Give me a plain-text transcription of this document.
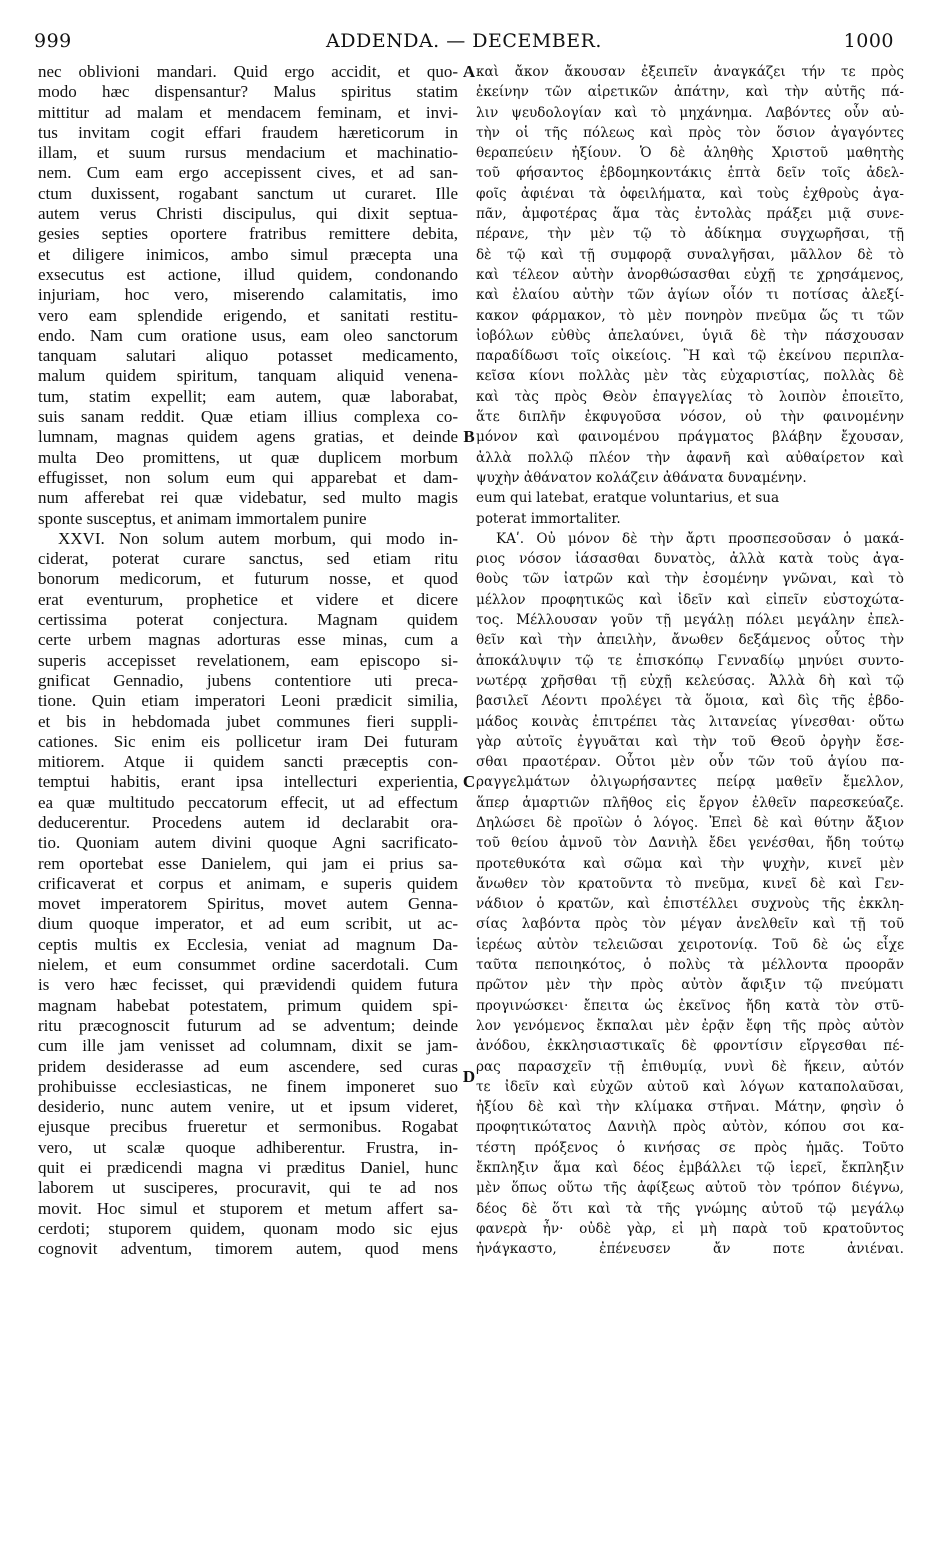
999	ADDENDA. — DECEMBER.	1000
nec oblivioni mandari. Quid ergo accidit, et quo-
modo hæc dispensantur? Malus spiritus statim
mittitur ad malam et mendacem feminam, et invi-
tus invitam cogit effari fraudem hæreticorum in
illam, et suum rursus mendacium et machinatio-
nem. Cum eam ergo accepissent cives, et ad san-
ctum duxissent, rogabant sanctum ut curaret. Ille
autem verus Christi discipulus, qui dixit septua-
gesies septies oportere fratribus remittere debita,
et diligere inimicos, ambo simul præcepta una
exsecutus est actione, illud quidem, condonando
injuriam, hoc vero, miserendo calamitatis, imo
vero eam splendide erigendo, et sanitati restitu-
endo. Nam cum oratione usus, eam oleo sanctorum
tanquam salutari aliquo potasset medicamento,
malum quidem spiritum, tanquam aliquid venena-
tum, statim expellit; eam autem, quæ laborabat,
suis sanam reddit. Quæ etiam illius complexa co-
lumnam, magnas quidem agens gratias, et deinde
multa Deo promittens, ut quæ duplicem morbum
effugisset, non solum eum qui apparebat et dam-
num afferebat rei quæ videbatur, sed multo magis
sponte susceptus, et animam immortalem punire
XXVI. Non solum autem morbum, qui modo in-
ciderat, poterat curare sanctus, sed etiam ritu
bonorum medicorum, et futurum nosse, et quod
erat eventurum, prophetice et videre et dicere
certissima poterat conjectura. Magnam quidem
certe urbem magnas adorturas esse minas, cum a
superis accepisset revelationem, eam episcopo si-
gnificat Gennadio, jubens contentiore uti preca-
tione. Quin etiam imperatori Leoni prædicit similia,
et bis in hebdomada jubet communes fieri suppli-
cationes. Sic enim eis pollicetur iram Dei futuram
mitiorem. Atque ii quidem sancti præceptis con-
temptui habitis, erant ipsa intellecturi experientia,
ea quæ multitudo peccatorum effecit, ut ad effectum
deducerentur. Procedens autem id declarabit ora-
tio. Quoniam autem divini quoque Agni sacrificato-
rem oportebat esse Danielem, qui jam ei prius sa-
crificaverat et corpus et animam, e superis quidem
movet imperatorem Spiritus, movet autem Genna-
dium quoque imperator, et ad eum scribit, ut ac-
ceptis multis ex Ecclesia, veniat ad magnum Da-
nielem, et eum consummet ordine sacerdotali. Cum
is vero hæc fecisset, qui prævidendi quidem futura
magnam habebat potestatem, primum quidem spi-
ritu præcognoscit futurum ad se adventum; deinde
cum ille jam venisset ad columnam, dixit se jam-
pridem desiderasse ad eum ascendere, sed curas
prohibuisse ecclesiasticas, ne finem imponeret suo
desiderio, nunc autem venire, ut et ipsum videret,
ejusque precibus frueretur et sermonibus. Rogabat
vero, ut scalæ quoque adhiberentur. Frustra, in-
quit ei prædicendi magna vi præditus Daniel, hunc
laborem ut susciperes, procuravit, qui te ad nos
movit. Hoc simul et stuporem et metum affert sa-
cerdoti; stuporem quidem, quonam modo sic ejus
cognovit adventum, timorem autem, quod mens
A
B
C
D
καὶ ἄκον ἄκουσαν ἐξειπεῖν ἀναγκάζει τήν τε πρὸς
ἐκείνην τῶν αἱρετικῶν ἀπάτην, καὶ τὴν αὐτῆς πά-
λιν ψευδολογίαν καὶ τὸ μηχάνημα. Λαβόντες οὖν αὐ-
τὴν οἱ τῆς πόλεως καὶ πρὸς τὸν ὅσιον ἀγαγόντες
θεραπεύειν ἠξίουν. Ὁ δὲ ἀληθὴς Χριστοῦ μαθητὴς
τοῦ φήσαντος ἑβδομηκοντάκις ἑπτὰ δεῖν τοῖς ἀδελ-
φοῖς ἀφιέναι τὰ ὀφειλήματα, καὶ τοὺς ἐχθροὺς ἀγα-
πᾶν, ἀμφοτέρας ἅμα τὰς ἐντολὰς πράξει μιᾷ συνε-
πέρανε, τὴν μὲν τῷ τὸ ἀδίκημα συγχωρῆσαι, τῇ
δὲ τῷ καὶ τῇ συμφορᾷ συναλγῆσαι, μᾶλλον δὲ τὸ
καὶ τέλεον αὐτὴν ἀνορθώσασθαι εὐχῇ τε χρησάμενος,
καὶ ἐλαίου αὐτὴν τῶν ἁγίων οἷόν τι ποτίσας ἀλεξί-
κακον φάρμακον, τὸ μὲν πονηρὸν πνεῦμα ὥς τι τῶν
ἰοβόλων εὐθὺς ἀπελαύνει, ὑγιᾶ δὲ τὴν πάσχουσαν
παραδίδωσι τοῖς οἰκείοις. Ἣ καὶ τῷ ἐκείνου περιπλα-
κεῖσα κίονι πολλὰς μὲν τὰς εὐχαριστίας, πολλὰς δὲ
καὶ τὰς πρὸς Θεὸν ἐπαγγελίας τὸ λοιπὸν ἐποιεῖτο,
ἅτε διπλῆν ἐκφυγοῦσα νόσον, οὐ τὴν φαινομένην
μόνον καὶ φαινομένου πράγματος βλάβην ἔχουσαν,
ἀλλὰ πολλῷ πλέον τὴν ἀφανῆ καὶ αὐθαίρετον καὶ
ψυχὴν ἀθάνατον κολάζειν ἀθάνατα δυναμένην.
eum qui latebat, eratque voluntarius, et sua
poterat immortaliter.
ΚΑʹ. Οὐ μόνον δὲ τὴν ἄρτι προσπεσοῦσαν ὁ μακά-
ριος νόσον ἰάσασθαι δυνατὸς, ἀλλὰ κατὰ τοὺς ἀγα-
θοὺς τῶν ἰατρῶν καὶ τὴν ἐσομένην γνῶναι, καὶ τὸ
μέλλον προφητικῶς καὶ ἰδεῖν καὶ εἰπεῖν εὐστοχώτα-
τος. Μέλλουσαν γοῦν τῇ μεγάλῃ πόλει μεγάλην ἐπελ-
θεῖν καὶ τὴν ἀπειλὴν, ἄνωθεν δεξάμενος οὗτος τὴν
ἀποκάλυψιν τῷ τε ἐπισκόπῳ Γενναδίῳ μηνύει συντο-
νωτέρᾳ χρῆσθαι τῇ εὐχῇ κελεύσας. Ἀλλὰ δὴ καὶ τῷ
βασιλεῖ Λέοντι προλέγει τὰ ὅμοια, καὶ δὶς τῆς ἑβδο-
μάδος κοινὰς ἐπιτρέπει τὰς λιτανείας γίνεσθαι· οὕτω
γὰρ αὐτοῖς ἐγγυᾶται καὶ τὴν τοῦ Θεοῦ ὀργὴν ἔσε-
σθαι πραοτέραν. Οὗτοι μὲν οὖν τῶν τοῦ ἁγίου πα-
ραγγελμάτων ὀλιγωρήσαντες πείρᾳ μαθεῖν ἔμελλον,
ἅπερ ἁμαρτιῶν πλῆθος εἰς ἔργον ἐλθεῖν παρεσκεύαζε.
Δηλώσει δὲ προϊὼν ὁ λόγος. Ἐπεὶ δὲ καὶ θύτην ἄξιον
τοῦ θείου ἀμνοῦ τὸν Δανιὴλ ἔδει γενέσθαι, ἤδη τούτῳ
προτεθυκότα καὶ σῶμα καὶ τὴν ψυχὴν, κινεῖ μὲν
ἄνωθεν τὸν κρατοῦντα τὸ πνεῦμα, κινεῖ δὲ καὶ Γεν-
νάδιον ὁ κρατῶν, καὶ ἐπιστέλλει συχνοὺς τῆς ἐκκλη-
σίας λαβόντα πρὸς τὸν μέγαν ἀνελθεῖν καὶ τῇ τοῦ
ἱερέως αὐτὸν τελειῶσαι χειροτονίᾳ. Τοῦ δὲ ὡς εἶχε
ταῦτα πεποιηκότος, ὁ πολὺς τὰ μέλλοντα προορᾶν
πρῶτον μὲν τὴν πρὸς αὐτὸν ἄφιξιν τῷ πνεύματι
προγινώσκει· ἔπειτα ὡς ἐκεῖνος ἤδη κατὰ τὸν στῦ-
λον γενόμενος ἔκπαλαι μὲν ἐρᾷν ἔφη τῆς πρὸς αὐτὸν
ἀνόδου, ἐκκλησιαστικαῖς δὲ φροντίσιν εἴργεσθαι πέ-
ρας παρασχεῖν τῇ ἐπιθυμίᾳ, νυνὶ δὲ ἥκειν, αὐτόν
τε ἰδεῖν καὶ εὐχῶν αὐτοῦ καὶ λόγων καταπολαῦσαι,
ἠξίου δὲ καὶ τὴν κλίμακα στῆναι. Μάτην, φησὶν ὁ
προφητικώτατος Δανιὴλ πρὸς αὐτὸν, κόπου σοι κα-
τέστη πρόξενος ὁ κινήσας σε πρὸς ἡμᾶς. Τοῦτο
ἔκπληξιν ἅμα καὶ δέος ἐμβάλλει τῷ ἱερεῖ, ἔκπληξιν
μὲν ὅπως οὕτω τῆς ἀφίξεως αὐτοῦ τὸν τρόπον διέγνω,
δέος δὲ ὅτι καὶ τὰ τῆς γνώμης αὐτοῦ τῷ μεγάλῳ
φανερὰ ἦν· οὐδὲ γὰρ, εἰ μὴ παρὰ τοῦ κρατοῦντος
ἠνάγκαστο, ἐπένευσεν ἄν ποτε ἀνιέναι.
